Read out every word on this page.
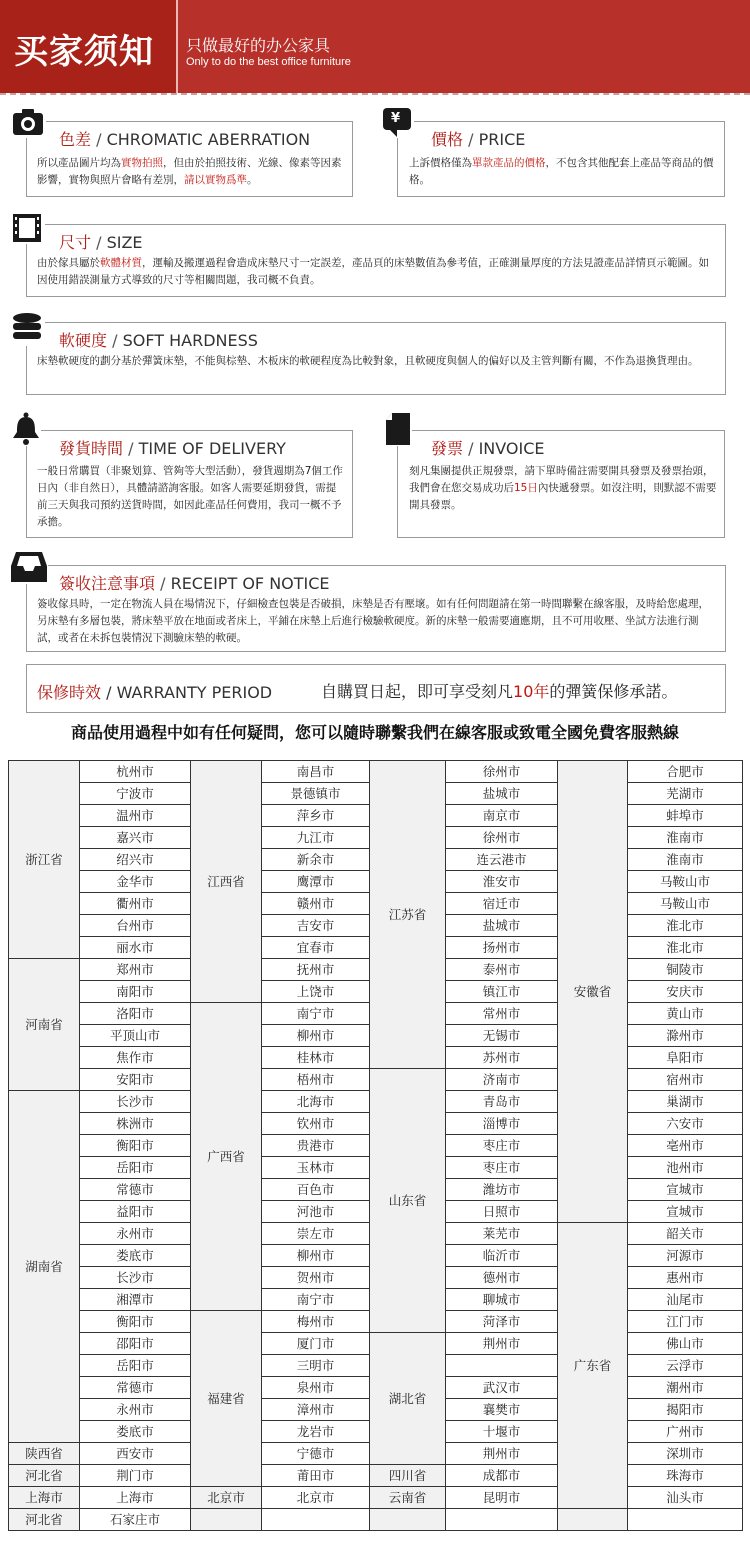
买家须知 只做最好的办公家具
Only to do the best office furniture
色差 / CHROMATIC ABERRATION
所以產品圖片均為實物拍照，但由於拍照技術、光線、像素等因素影響，實物與照片會略有差別，請以實物爲準。
價格 / PRICE
上訴價格僅為單款產品的價格，不包含其他配套上產品等商品的價格。
¥
尺寸 / SIZE
由於傢具屬於軟體材質，運輸及搬運過程會造成床墊尺寸一定誤差，產品頁的床墊數值為參考值，正確測量厚度的方法見證產品詳情頁示範圖。如因使用錯誤測量方式導致的尺寸等相關問題，我司概不負責。
軟硬度 / SOFT HARDNESS
床墊軟硬度的劃分基於彈簧床墊，不能與棕墊、木板床的軟硬程度為比較對象，且軟硬度與個人的偏好以及主管判斷有關，不作為退換貨理由。
發貨時間 / TIME OF DELIVERY
一般日常購買（非聚划算、管夠等大型活動），發貨週期為7個工作日內（非自然日），具體請諮詢客服。如客人需要延期發貨，需提前三天與我司預約送貨時間，如因此產品任何費用，我司一概不予承擔。
發票 / INVOICE
刻凡集團提供正規發票，請下單時備註需要開具發票及發票抬頭，我們會在您交易成功后15日內快遞發票。如沒注明，則默認不需要開具發票。
簽收注意事項 / RECEIPT OF NOTICE
簽收傢具時，一定在物流人員在場情況下，仔細檢查包裝是否破損，床墊是否有壓壞。如有任何問題請在第一時間聯繫在線客服，及時給您處理，另床墊有多層包裝，將床墊平放在地面或者床上，平鋪在床墊上后進行檢驗軟硬度。新的床墊一般需要適應期，且不可用收壓、坐試方法進行測試，或者在未拆包裝情況下測驗床墊的軟硬。
保修時效 / WARRANTY PERIOD	自購買日起，即可享受刻凡10年的彈簧保修承諾。
商品使用過程中如有任何疑問，您可以隨時聯繫我們在線客服或致電全國免費客服熱線
浙江省	杭州市	江西省	南昌市	江苏省	徐州市	安徽省	合肥市
	宁波市		景德镇市		盐城市		芜湖市
	温州市		萍乡市		南京市		蚌埠市
	嘉兴市		九江市		徐州市		淮南市
	绍兴市		新余市		连云港市		淮南市
	金华市		鹰潭市		淮安市		马鞍山市
	衢州市		赣州市		宿迁市		马鞍山市
	台州市		吉安市		盐城市		淮北市
	丽水市		宜春市		扬州市		淮北市
河南省	郑州市		抚州市		泰州市		铜陵市
	南阳市		上饶市		镇江市		安庆市
	洛阳市	广西省	南宁市		常州市		黄山市
	平顶山市		柳州市		无锡市		滁州市
	焦作市		桂林市		苏州市		阜阳市
	安阳市		梧州市	山东省	济南市		宿州市
湖南省	长沙市		北海市		青岛市		巢湖市
	株洲市		钦州市		淄博市		六安市
	衡阳市		贵港市		枣庄市		亳州市
	岳阳市		玉林市		枣庄市		池州市
	常德市		百色市		潍坊市		宣城市
	益阳市		河池市		日照市		宣城市
	永州市		崇左市		莱芜市	广东省	韶关市
	娄底市		柳州市		临沂市		河源市
	长沙市		贺州市		德州市		惠州市
	湘潭市		南宁市		聊城市		汕尾市
	衡阳市	福建省	梅州市		菏泽市		江门市
	邵阳市		厦门市	湖北省	荆州市		佛山市
	岳阳市		三明市				云浮市
	常德市		泉州市		武汉市		潮州市
	永州市		漳州市		襄樊市		揭阳市
	娄底市		龙岩市		十堰市		广州市
陕西省	西安市		宁德市		荆州市		深圳市
河北省	荆门市		莆田市	四川省	成都市		珠海市
上海市	上海市	北京市	北京市	云南省	昆明市		汕头市
河北省	石家庄市						
